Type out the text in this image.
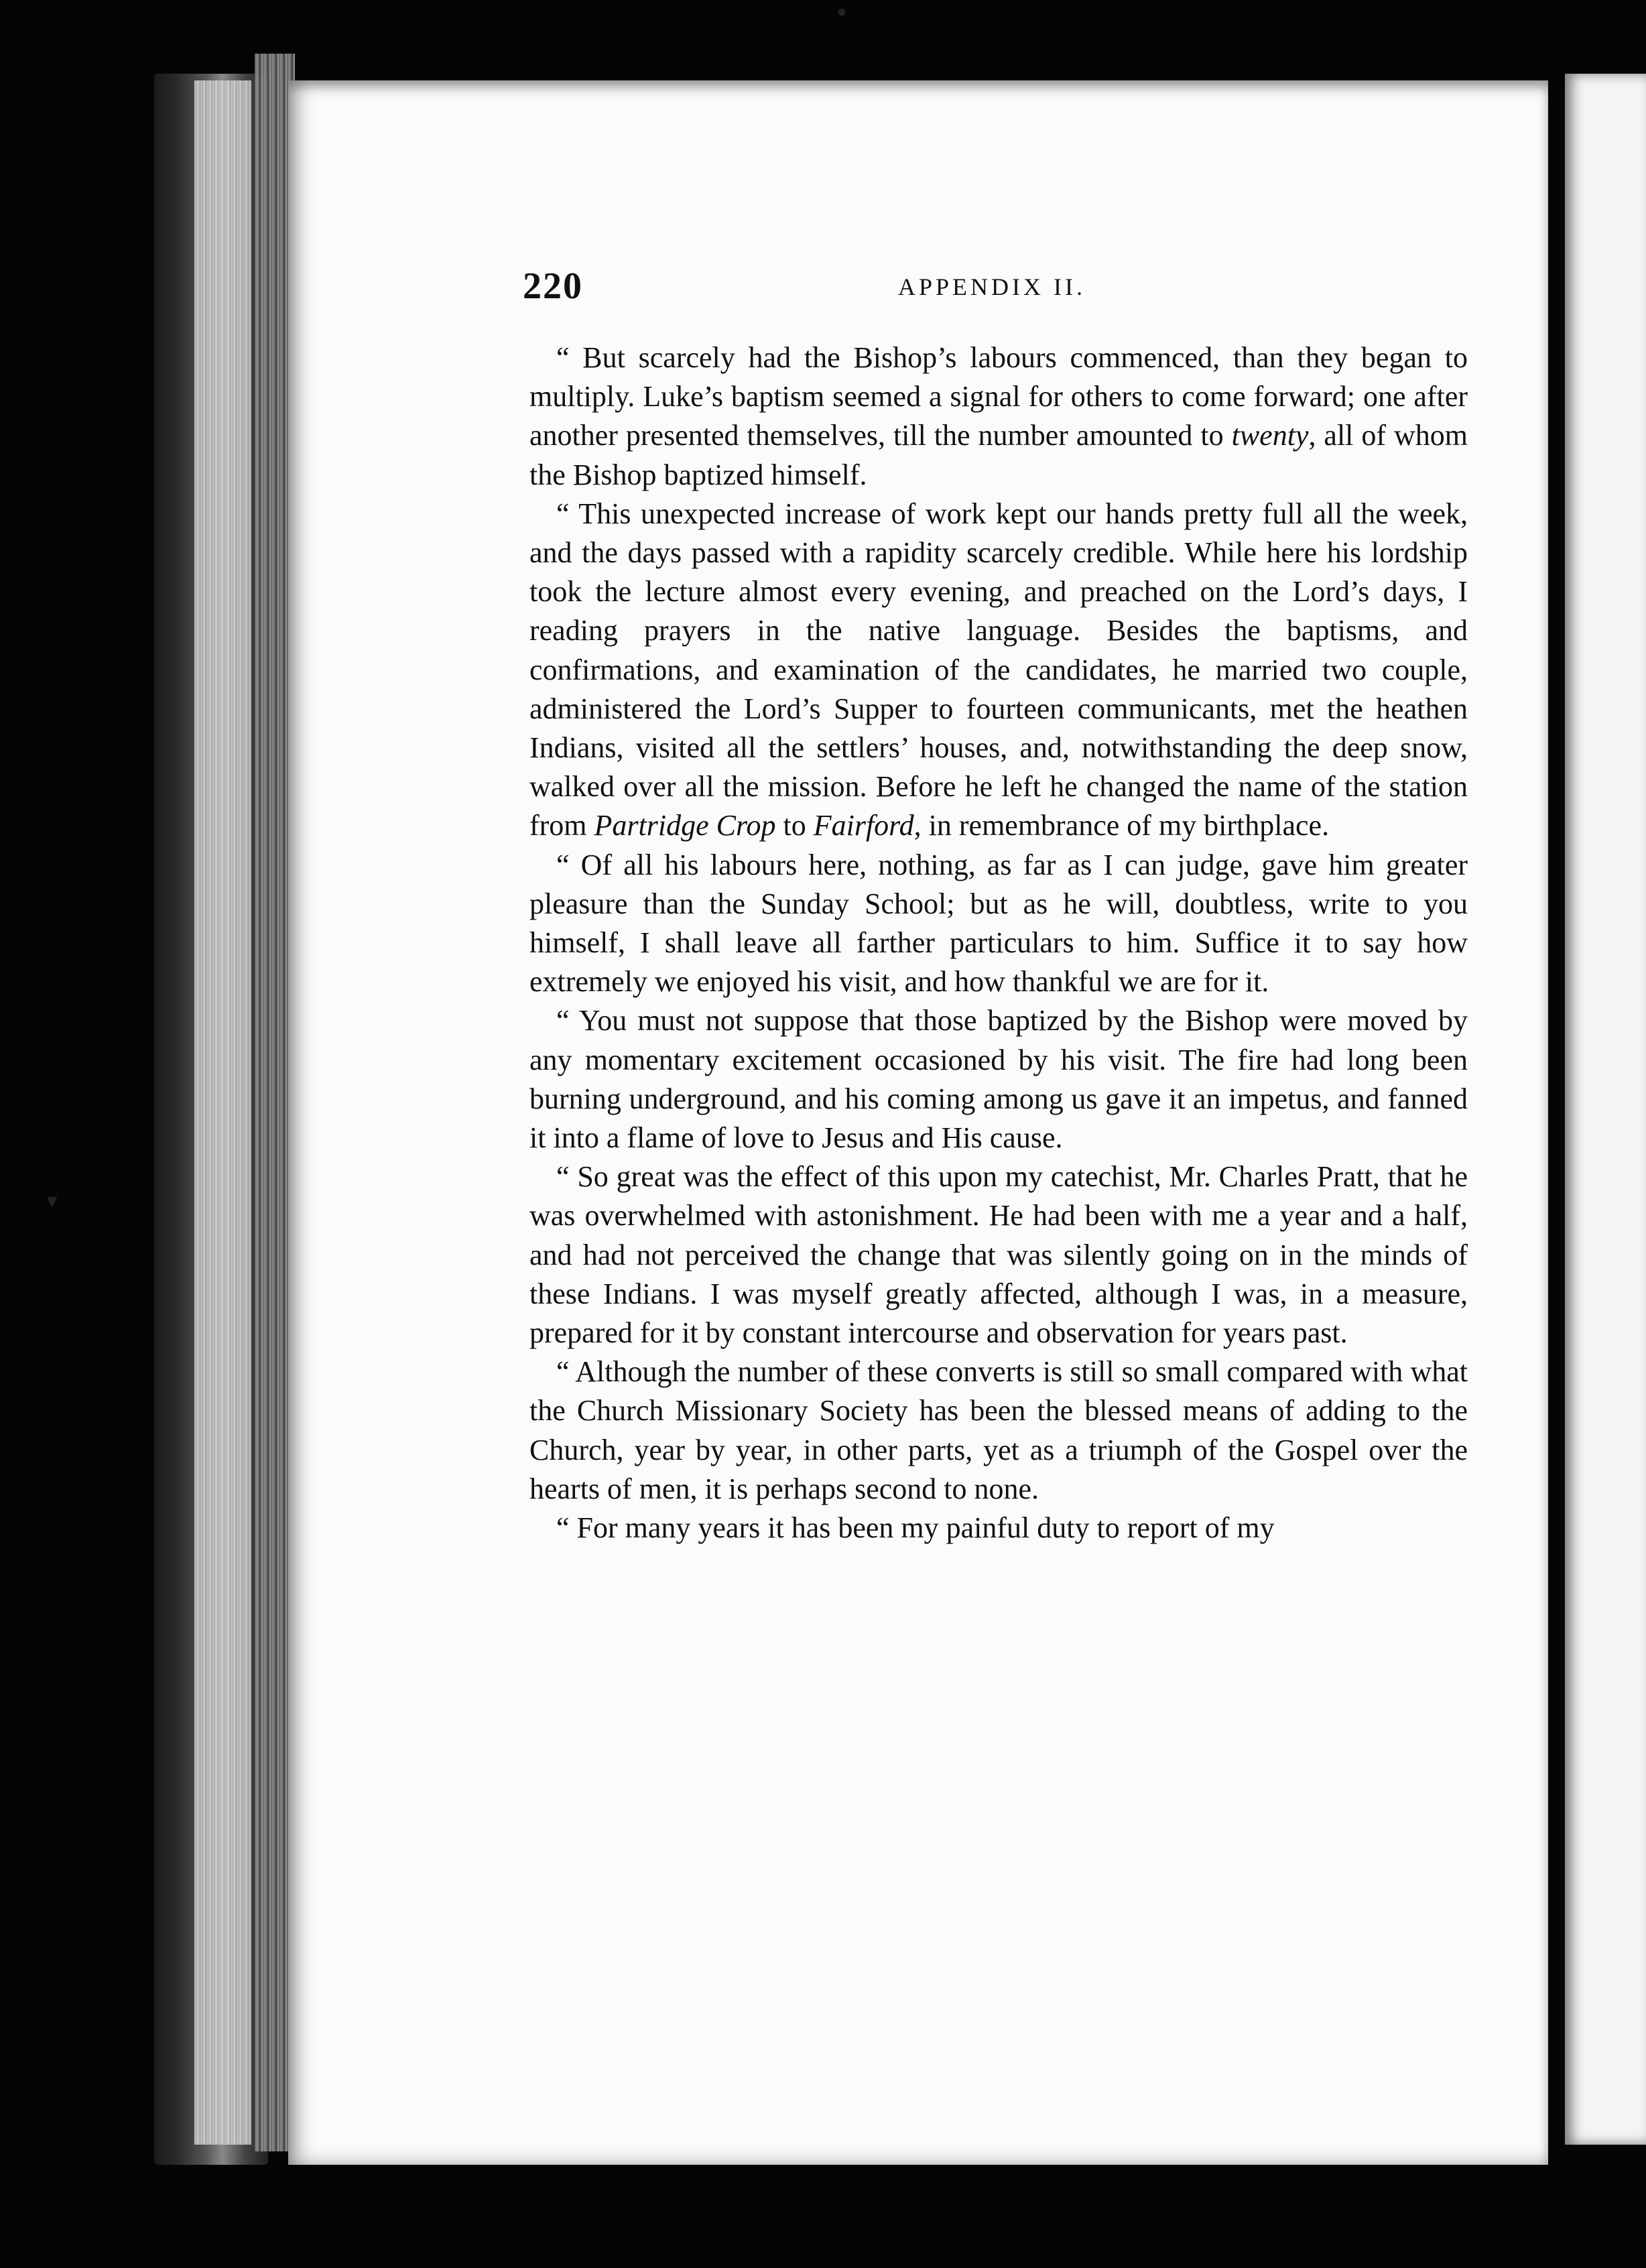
220	APPENDIX II.

“ But scarcely had the Bishop’s labours commenced, than they began to multiply. Luke’s baptism seemed a signal for others to come forward; one after another presented themselves, till the number amounted to twenty, all of whom the Bishop baptized himself.

“ This unexpected increase of work kept our hands pretty full all the week, and the days passed with a rapidity scarcely credible. While here his lordship took the lecture almost every evening, and preached on the Lord’s days, I reading prayers in the native language. Besides the baptisms, and confirmations, and examination of the candidates, he married two couple, administered the Lord’s Supper to fourteen communicants, met the heathen Indians, visited all the settlers’ houses, and, notwithstanding the deep snow, walked over all the mission. Before he left he changed the name of the station from Partridge Crop to Fairford, in remembrance of my birthplace.

“ Of all his labours here, nothing, as far as I can judge, gave him greater pleasure than the Sunday School; but as he will, doubtless, write to you himself, I shall leave all farther particulars to him. Suffice it to say how extremely we enjoyed his visit, and how thankful we are for it.

“ You must not suppose that those baptized by the Bishop were moved by any momentary excitement occasioned by his visit. The fire had long been burning underground, and his coming among us gave it an impetus, and fanned it into a flame of love to Jesus and His cause.

“ So great was the effect of this upon my catechist, Mr. Charles Pratt, that he was overwhelmed with astonishment. He had been with me a year and a half, and had not perceived the change that was silently going on in the minds of these Indians. I was myself greatly affected, although I was, in a measure, prepared for it by constant intercourse and observation for years past.

“ Although the number of these converts is still so small compared with what the Church Missionary Society has been the blessed means of adding to the Church, year by year, in other parts, yet as a triumph of the Gospel over the hearts of men, it is perhaps second to none.

“ For many years it has been my painful duty to report of my

●
▼
